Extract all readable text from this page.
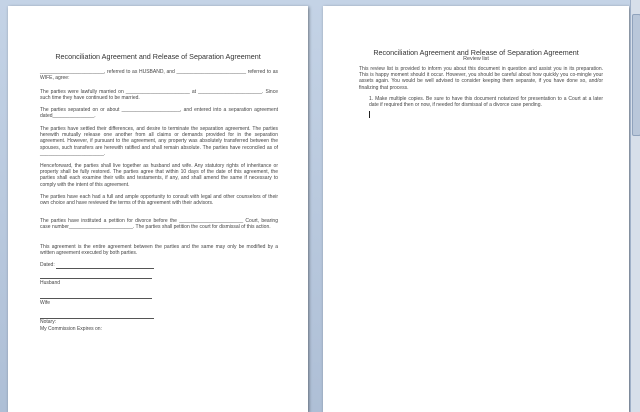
Reconciliation Agreement and Release of Separation Agreement
_______________________, referred to as HUSBAND, and _________________________ referred to as WIFE, agree:
The parties were lawfully married on _______________________ at _______________________. Since such time they have continued to be married.
The parties separated on or about _____________________, and entered into a separation agreement dated_______________.
The parties have settled their differences, and desire to terminate the separation agreement. The parties herewith mutually release one another from all claims or demands provided for in the separation agreement. However, if pursuant to the agreement, any property was absolutely transferred between the spouses, such transfers are herewith ratified and shall remain absolute. The parties have reconciled as of _______________________.
Henceforward, the parties shall live together as husband and wife. Any statutory rights of inheritance or property shall be fully restored. The parties agree that within 10 days of the date of this agreement, the parties shall each examine their wills and testaments, if any, and shall amend the same if necessary to comply with the intent of this agreement.
The parties have each had a full and ample opportunity to consult with legal and other counselors of their own choice and have reviewed the terms of this agreement with their advisors.
The parties have instituted a petition for divorce before the _______________________ Court, bearing case number_______________________. The parties shall petition the court for dismissal of this action.
This agreement is the entire agreement between the parties and the same may only be modified by a written agreement executed by both parties.
Dated:
Husband
Wife
Notary:
My Commission Expires on:
Reconciliation Agreement and Release of Separation Agreement
Review list
This review list is provided to inform you about this document in question and assist you in its preparation. This is happy moment should it occur. However, you should be careful about how quickly you co-mingle your assets again. You would be well advised to consider keeping them separate, if you have done so, and/or finalizing that process.
1. Make multiple copies. Be sure to have this document notarized for presentation to a Court at a later date if required then or now, if needed for dismissal of a divorce case pending.
